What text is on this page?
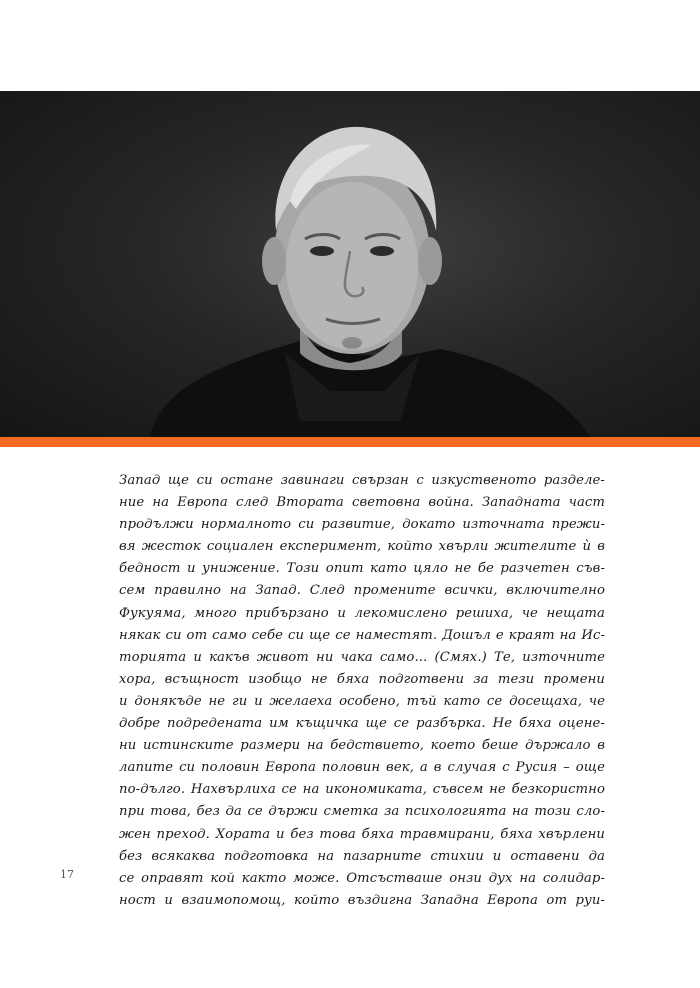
Запад ще си остане завинаги свързан с изкуственото разделе-
ние на Европа след Втората световна война. Западната част
продължи нормалното си развитие, докато източната прежи-
вя жесток социален експеримент, който хвърли жителите ѝ в
бедност и унижение. Този опит като цяло не бе разчетен съв-
сем правилно на Запад. След промените всички, включително
Фукуяма, много прибързано и лекомислено решиха, че нещата
някак си от само себе си ще се наместят. Дошъл е краят на Ис-
торията и какъв живот ни чака само... (Смях.) Те, източните
хора, всъщност изобщо не бяха подготвени за тези промени
и донякъде не ги и желаеха особено, тъй като се досещаха, че
добре подредената им къщичка ще се разбърка. Не бяха оцене-
ни истинските размери на бедствието, което беше държало в
лапите си половин Европа половин век, а в случая с Русия – още
по-дълго. Нахвърлиха се на икономиката, съвсем не безкористно
при това, без да се държи сметка за психологията на този сло-
жен преход. Хората и без това бяха травмирани, бяха хвърлени
без всякаква подготовка на пазарните стихии и оставени да
се оправят кой както може. Отсъстваше онзи дух на солидар-
ност и взаимопомощ, който въздигна Западна Европа от руи-
17
